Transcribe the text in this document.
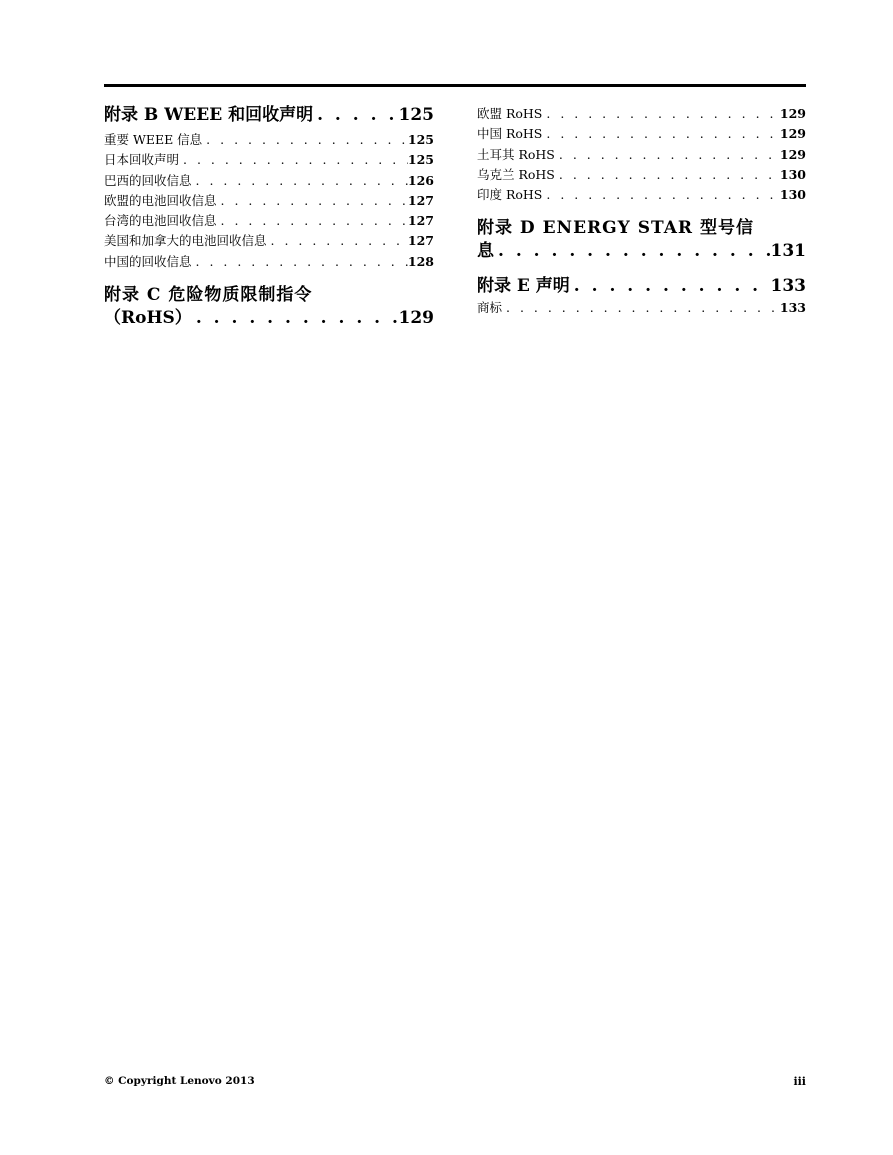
附录 B WEEE 和回收声明 . . .	125
重要 WEEE 信息 . . .	125
日本回收声明 . . .	125
巴西的回收信息 . . .	126
欧盟的电池回收信息 . . .	127
台湾的电池回收信息 . . .	127
美国和加拿大的电池回收信息 . . .	127
中国的回收信息 . . .	128
附录 C 危险物质限制指令
（RoHS） . . .	129
欧盟 RoHS . . .	129
中国 RoHS . . .	129
土耳其 RoHS . . .	129
乌克兰 RoHS . . .	130
印度 RoHS . . .	130
附录 D ENERGY STAR 型号信
息 . . .	131
附录 E 声明 . . .	133
商标 . . .	133
© Copyright Lenovo 2013	iii
